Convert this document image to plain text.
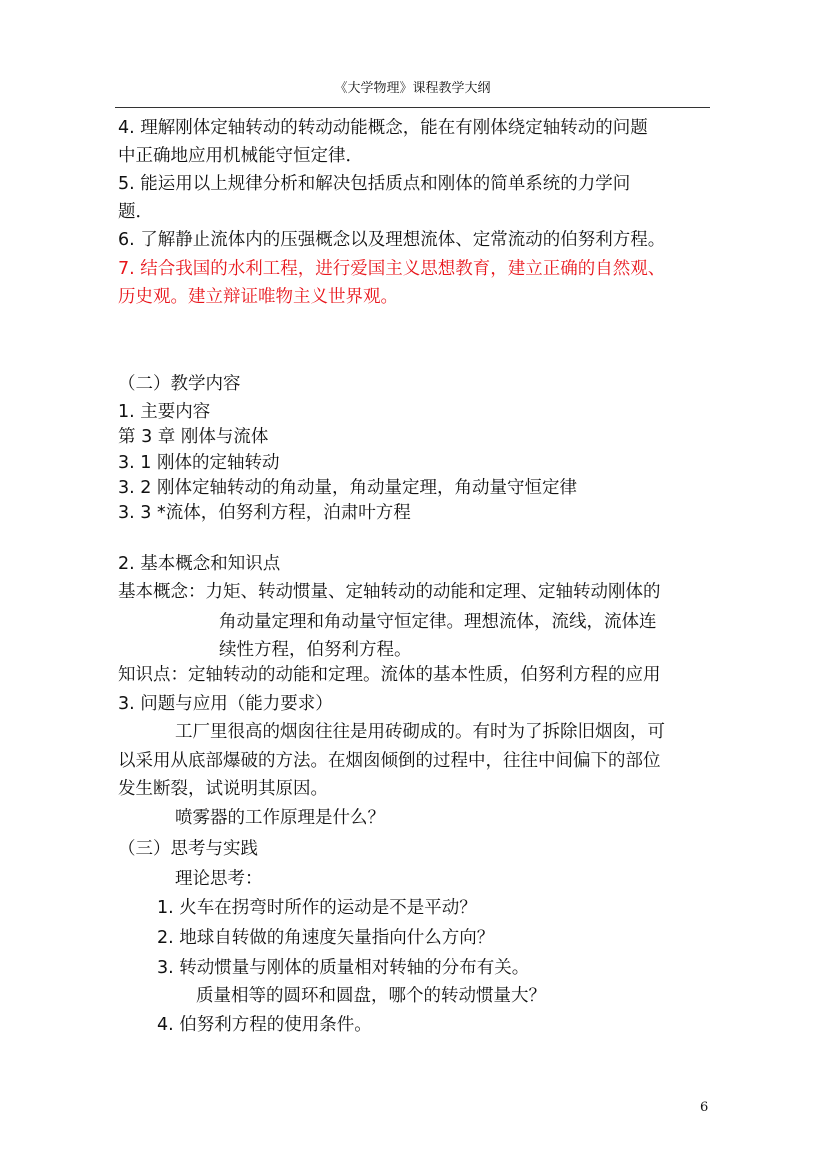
《大学物理》课程教学大纲
4. 理解刚体定轴转动的转动动能概念，能在有刚体绕定轴转动的问题
中正确地应用机械能守恒定律．
5. 能运用以上规律分析和解决包括质点和刚体的简单系统的力学问
题．
6. 了解静止流体内的压强概念以及理想流体、定常流动的伯努利方程。
7. 结合我国的水利工程，进行爱国主义思想教育，建立正确的自然观、
历史观。建立辩证唯物主义世界观。
（二）教学内容
1. 主要内容
第 3 章 刚体与流体
3. 1 刚体的定轴转动
3. 2 刚体定轴转动的角动量，角动量定理，角动量守恒定律
3. 3 *流体，伯努利方程，泊肃叶方程
2. 基本概念和知识点
基本概念：力矩、转动惯量、定轴转动的动能和定理、定轴转动刚体的
角动量定理和角动量守恒定律。理想流体，流线，流体连
续性方程，伯努利方程。
知识点：定轴转动的动能和定理。流体的基本性质，伯努利方程的应用
3. 问题与应用（能力要求）
工厂里很高的烟囱往往是用砖砌成的。有时为了拆除旧烟囱，可
以采用从底部爆破的方法。在烟囱倾倒的过程中，往往中间偏下的部位
发生断裂，试说明其原因。
喷雾器的工作原理是什么？
（三）思考与实践
理论思考：
1. 火车在拐弯时所作的运动是不是平动？
2. 地球自转做的角速度矢量指向什么方向？
3. 转动惯量与刚体的质量相对转轴的分布有关。
质量相等的圆环和圆盘，哪个的转动惯量大？
4. 伯努利方程的使用条件。
6
